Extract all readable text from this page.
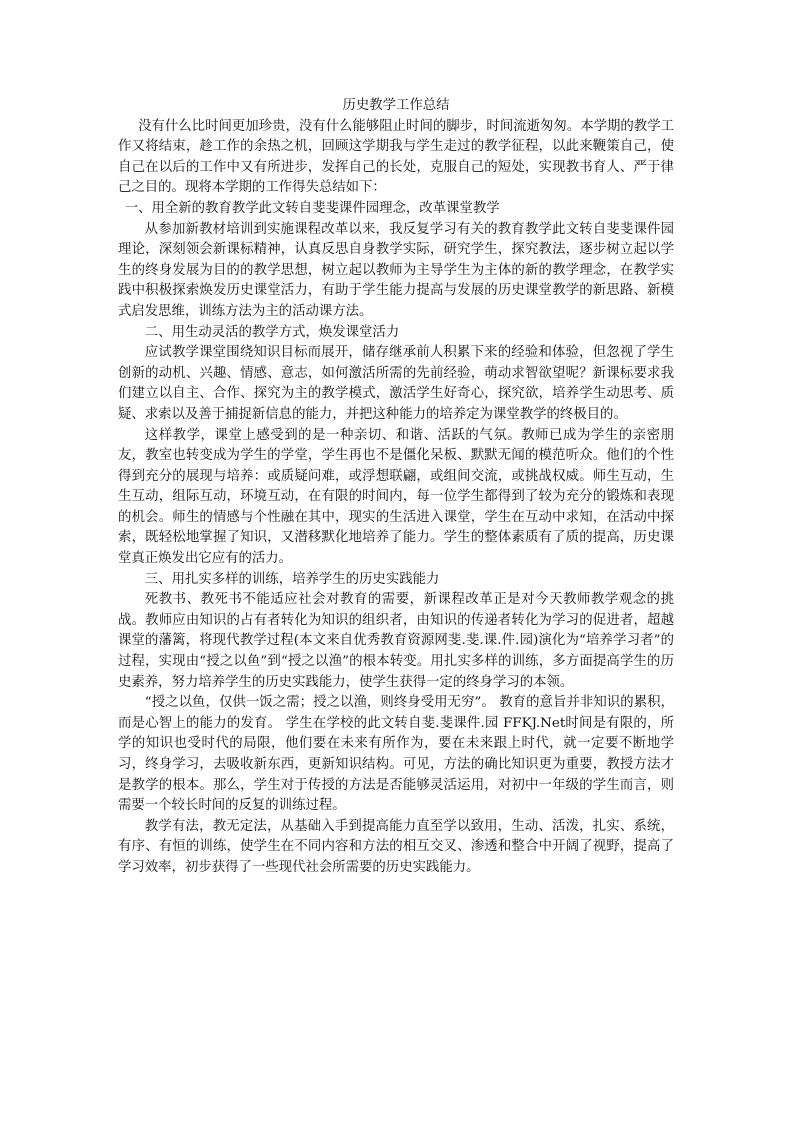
历史教学工作总结

没有什么比时间更加珍贵，没有什么能够阻止时间的脚步，时间流逝匆匆。本学期的教学工作又将结束，趁工作的余热之机，回顾这学期我与学生走过的教学征程，以此来鞭策自己，使自己在以后的工作中又有所进步，发挥自己的长处，克服自己的短处，实现教书育人、严于律己之目的。现将本学期的工作得失总结如下：

一、用全新的教育教学此文转自斐斐课件园理念，改革课堂教学

从参加新教材培训到实施课程改革以来，我反复学习有关的教育教学此文转自斐斐课件园理论，深刻领会新课标精神，认真反思自身教学实际，研究学生，探究教法，逐步树立起以学生的终身发展为目的的教学思想，树立起以教师为主导学生为主体的新的教学理念，在教学实践中积极探索焕发历史课堂活力，有助于学生能力提高与发展的历史课堂教学的新思路、新模式启发思维，训练方法为主的活动课方法。

二、用生动灵活的教学方式，焕发课堂活力

应试教学课堂围绕知识目标而展开，储存继承前人积累下来的经验和体验，但忽视了学生创新的动机、兴趣、情感、意志，如何激活所需的先前经验，萌动求智欲望呢？新课标要求我们建立以自主、合作、探究为主的教学模式，激活学生好奇心，探究欲，培养学生动思考、质疑、求索以及善于捕捉新信息的能力，并把这种能力的培养定为课堂教学的终极目的。

这样教学，课堂上感受到的是一种亲切、和谐、活跃的气氛。教师已成为学生的亲密朋友，教室也转变成为学生的学堂，学生再也不是僵化呆板、默默无闻的模范听众。他们的个性得到充分的展现与培养：或质疑问难，或浮想联翩，或组间交流，或挑战权威。师生互动，生生互动，组际互动，环境互动，在有限的时间内，每一位学生都得到了较为充分的锻炼和表现的机会。师生的情感与个性融在其中，现实的生活进入课堂，学生在互动中求知，在活动中探索，既轻松地掌握了知识，又潜移默化地培养了能力。学生的整体素质有了质的提高，历史课堂真正焕发出它应有的活力。

三、用扎实多样的训练，培养学生的历史实践能力

死教书、教死书不能适应社会对教育的需要，新课程改革正是对今天教师教学观念的挑战。教师应由知识的占有者转化为知识的组织者，由知识的传递者转化为学习的促进者，超越课堂的藩篱，将现代教学过程(本文来自优秀教育资源网斐.斐.课.件.园)演化为“培养学习者”的过程，实现由“授之以鱼”到“授之以渔”的根本转变。用扎实多样的训练，多方面提高学生的历史素养，努力培养学生的历史实践能力，使学生获得一定的终身学习的本领。

“授之以鱼，仅供一饭之需；授之以渔，则终身受用无穷”。 教育的意旨并非知识的累积，而是心智上的能力的发育。 学生在学校的此文转自斐.斐课件.园 FFKJ.Net时间是有限的，所学的知识也受时代的局限，他们要在未来有所作为，要在未来跟上时代，就一定要不断地学习，终身学习，去吸收新东西，更新知识结构。可见，方法的确比知识更为重要，教授方法才是教学的根本。那么，学生对于传授的方法是否能够灵活运用，对初中一年级的学生而言，则需要一个较长时间的反复的训练过程。

教学有法，教无定法，从基础入手到提高能力直至学以致用，生动、活泼，扎实、系统，有序、有恒的训练，使学生在不同内容和方法的相互交叉、渗透和整合中开阔了视野，提高了学习效率，初步获得了一些现代社会所需要的历史实践能力。
